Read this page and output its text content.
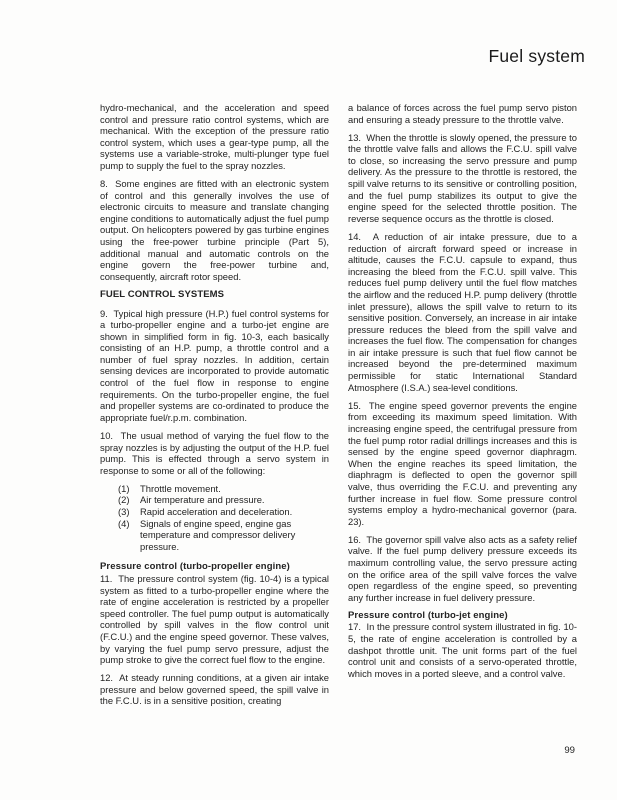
Fuel system

hydro-mechanical, and the acceleration and speed control and pressure ratio control systems, which are mechanical. With the exception of the pressure ratio control system, which uses a gear-type pump, all the systems use a variable-stroke, multi-plunger type fuel pump to supply the fuel to the spray nozzles.

8.  Some engines are fitted with an electronic system of control and this generally involves the use of electronic circuits to measure and translate changing engine conditions to automatically adjust the fuel pump output. On helicopters powered by gas turbine engines using the free-power turbine principle (Part 5), additional manual and automatic controls on the engine govern the free-power turbine and, consequently, aircraft rotor speed.

FUEL CONTROL SYSTEMS

9.  Typical high pressure (H.P.) fuel control systems for a turbo-propeller engine and a turbo-jet engine are shown in simplified form in fig. 10-3, each basically consisting of an H.P. pump, a throttle control and a number of fuel spray nozzles. In addition, certain sensing devices are incorporated to provide automatic control of the fuel flow in response to engine requirements. On the turbo-propeller engine, the fuel and propeller systems are co-ordinated to produce the appropriate fuel/r.p.m. combination.

10.  The usual method of varying the fuel flow to the spray nozzles is by adjusting the output of the H.P. fuel pump. This is effected through a servo system in response to some or all of the following:

(1) Throttle movement.
(2) Air temperature and pressure.
(3) Rapid acceleration and deceleration.
(4) Signals of engine speed, engine gas temperature and compressor delivery pressure.
Pressure control (turbo-propeller engine)

11.  The pressure control system (fig. 10-4) is a typical system as fitted to a turbo-propeller engine where the rate of engine acceleration is restricted by a propeller speed controller. The fuel pump output is automatically controlled by spill valves in the flow control unit (F.C.U.) and the engine speed governor. These valves, by varying the fuel pump servo pressure, adjust the pump stroke to give the correct fuel flow to the engine.

12.  At steady running conditions, at a given air intake pressure and below governed speed, the spill valve in the F.C.U. is in a sensitive position, creating

a balance of forces across the fuel pump servo piston and ensuring a steady pressure to the throttle valve.

13.  When the throttle is slowly opened, the pressure to the throttle valve falls and allows the F.C.U. spill valve to close, so increasing the servo pressure and pump delivery. As the pressure to the throttle is restored, the spill valve returns to its sensitive or controlling position, and the fuel pump stabilizes its output to give the engine speed for the selected throttle position. The reverse sequence occurs as the throttle is closed.

14.  A reduction of air intake pressure, due to a reduction of aircraft forward speed or increase in altitude, causes the F.C.U. capsule to expand, thus increasing the bleed from the F.C.U. spill valve. This reduces fuel pump delivery until the fuel flow matches the airflow and the reduced H.P. pump delivery (throttle inlet pressure), allows the spill valve to return to its sensitive position. Conversely, an increase in air intake pressure reduces the bleed from the spill valve and increases the fuel flow. The compensation for changes in air intake pressure is such that fuel flow cannot be increased beyond the pre-determined maximum permissible for static International Standard Atmosphere (I.S.A.) sea-level conditions.

15.  The engine speed governor prevents the engine from exceeding its maximum speed limitation. With increasing engine speed, the centrifugal pressure from the fuel pump rotor radial drillings increases and this is sensed by the engine speed governor diaphragm. When the engine reaches its speed limitation, the diaphragm is deflected to open the governor spill valve, thus overriding the F.C.U. and preventing any further increase in fuel flow. Some pressure control systems employ a hydro-mechanical governor (para. 23).

16.  The governor spill valve also acts as a safety relief valve. If the fuel pump delivery pressure exceeds its maximum controlling value, the servo pressure acting on the orifice area of the spill valve forces the valve open regardless of the engine speed, so preventing any further increase in fuel delivery pressure.

Pressure control (turbo-jet engine)

17.  In the pressure control system illustrated in fig. 10-5, the rate of engine acceleration is controlled by a dashpot throttle unit. The unit forms part of the fuel control unit and consists of a servo-operated throttle, which moves in a ported sleeve, and a control valve.

99
